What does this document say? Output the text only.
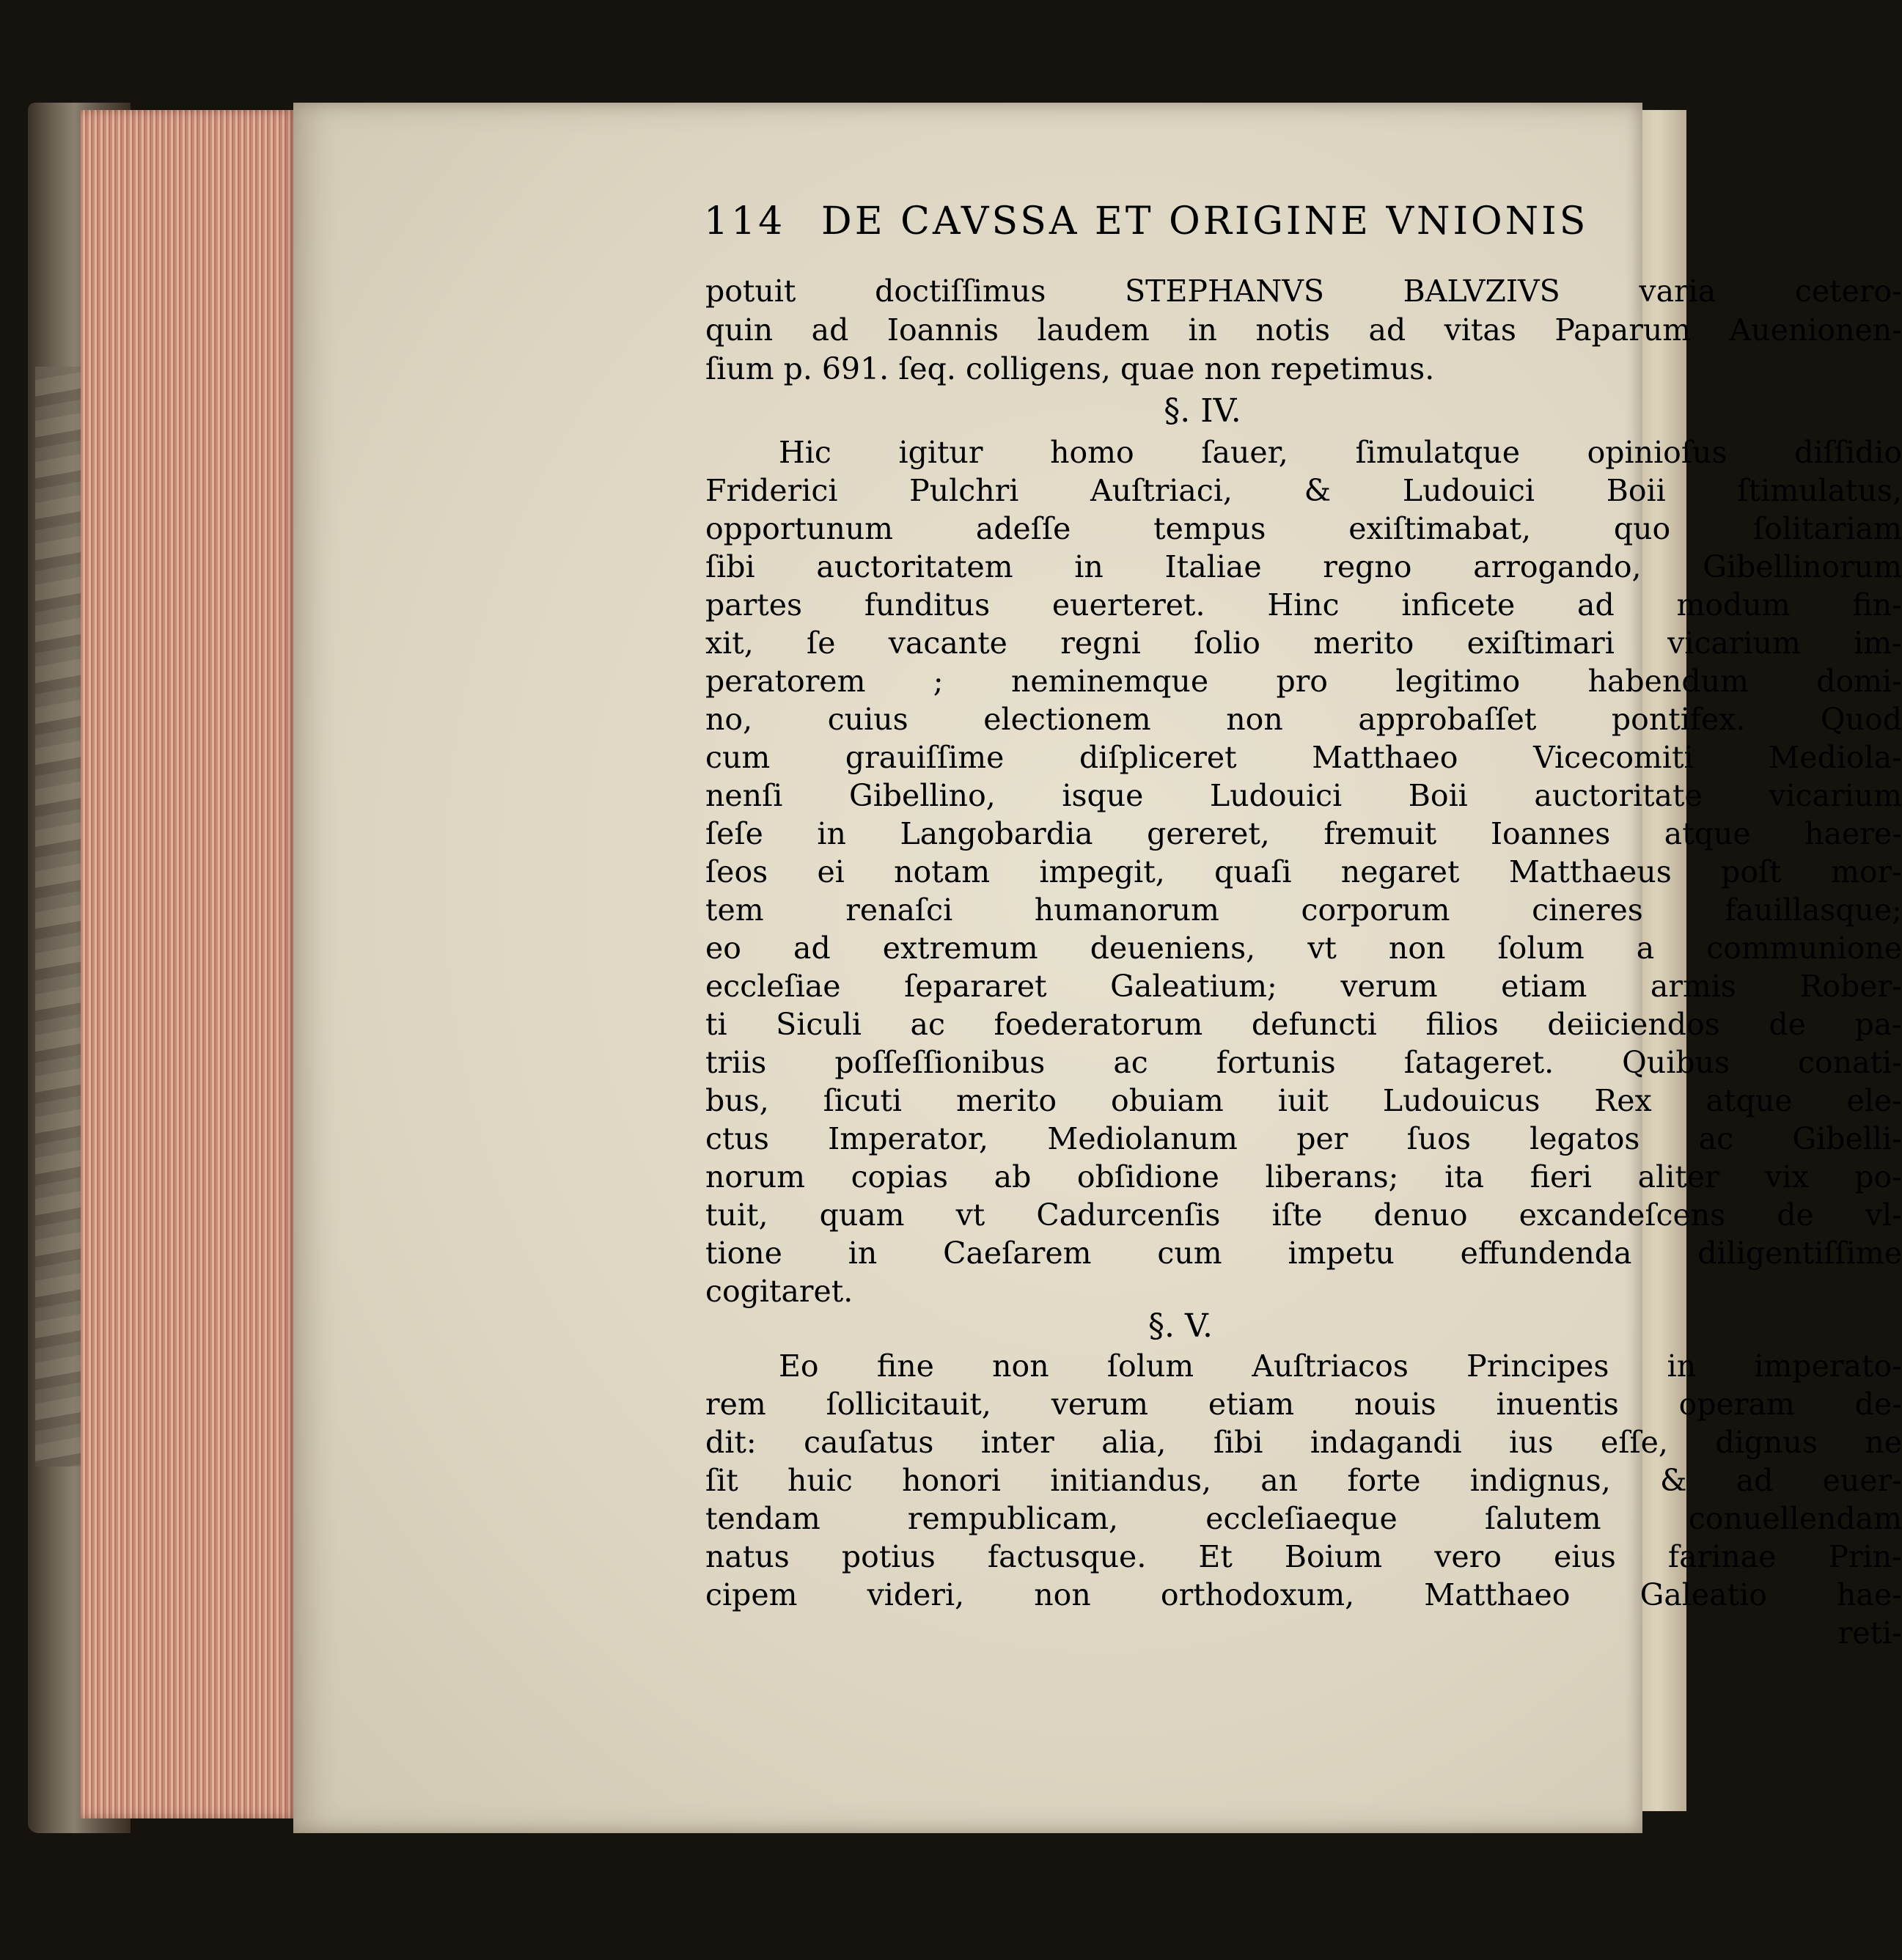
114 DE CAVSSA ET ORIGINE VNIONIS
potuit doctiſſimus STEPHANVS BALVZIVS varia cetero-
quin ad Ioannis laudem in notis ad vitas Paparum Auenionen-
ſium p. 691. ſeq. colligens, quae non repetimus.
§. IV.
Hic igitur homo ſauer, ſimulatque opinioſus diſſidio
Friderici Pulchri Auſtriaci, & Ludouici Boii ſtimulatus,
opportunum adeſſe tempus exiſtimabat, quo ſolitariam
ſibi auctoritatem in Italiae regno arrogando, Gibellinorum
partes funditus euerteret. Hinc inficete ad modum fin-
xit, ſe vacante regni ſolio merito exiſtimari vicarium im-
peratorem ; neminemque pro legitimo habendum domi-
no, cuius electionem non approbaſſet pontifex. Quod
cum grauiſſime diſpliceret Matthaeo Vicecomiti Mediola-
nenſi Gibellino, isque Ludouici Boii auctoritate vicarium
ſeſe in Langobardia gereret, fremuit Ioannes atque haere-
ſeos ei notam impegit, quaſi negaret Matthaeus poſt mor-
tem renaſci humanorum corporum cineres fauillasque;
eo ad extremum deueniens, vt non ſolum a communione
eccleſiae ſepararet Galeatium; verum etiam armis Rober-
ti Siculi ac foederatorum defuncti filios deiiciendos de pa-
triis poſſeſſionibus ac fortunis ſatageret. Quibus conati-
bus, ſicuti merito obuiam iuit Ludouicus Rex atque ele-
ctus Imperator, Mediolanum per ſuos legatos ac Gibelli-
norum copias ab obſidione liberans; ita fieri aliter vix po-
tuit, quam vt Cadurcenſis iſte denuo excandeſcens de vl-
tione in Caeſarem cum impetu effundenda diligentiſſime
cogitaret.
§. V.
Eo fine non ſolum Auſtriacos Principes in imperato-
rem ſollicitauit, verum etiam nouis inuentis operam de-
dit: cauſatus inter alia, ſibi indagandi ius eſſe, dignus ne
ſit huic honori initiandus, an forte indignus, & ad euer-
tendam rempublicam, eccleſiaeque ſalutem conuellendam
natus potius factusque. Et Boium vero eius farinae Prin-
cipem videri, non orthodoxum, Matthaeo Galeatio hae-
reti-
